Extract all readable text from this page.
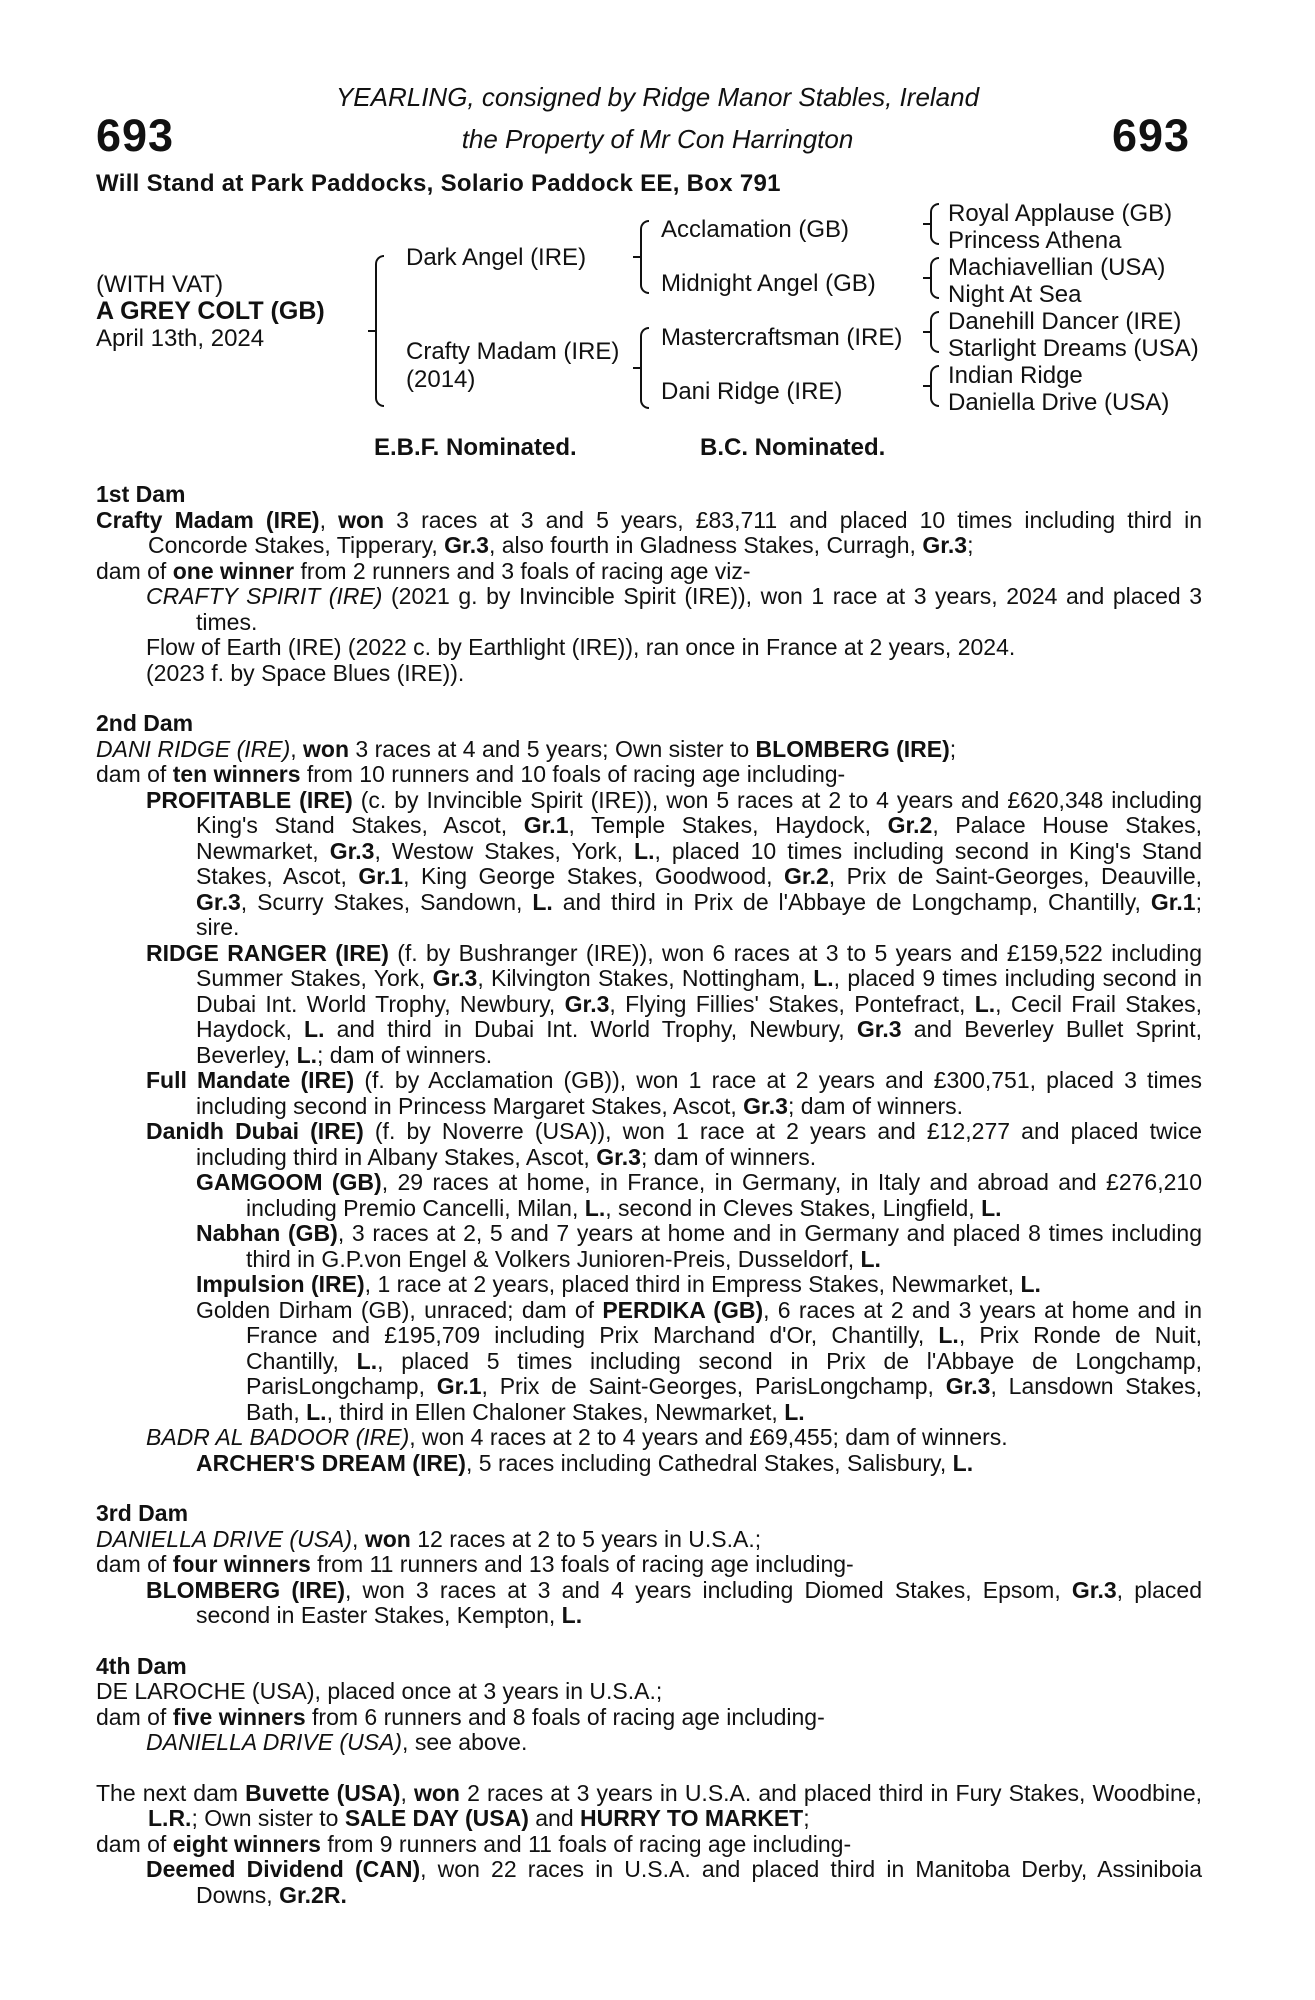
693	693
YEARLING, consigned by Ridge Manor Stables, Ireland
the Property of Mr Con Harrington
Will Stand at Park Paddocks, Solario Paddock EE, Box 791
(WITH VAT)
A GREY COLT (GB)
April 13th, 2024
Dark Angel (IRE)
Crafty Madam (IRE)
(2014)
Acclamation (GB)
Midnight Angel (GB)
Mastercraftsman (IRE)
Dani Ridge (IRE)
Royal Applause (GB)
Princess Athena
Machiavellian (USA)
Night At Sea
Danehill Dancer (IRE)
Starlight Dreams (USA)
Indian Ridge
Daniella Drive (USA)
E.B.F. Nominated.	B.C. Nominated.
1st Dam

Crafty Madam (IRE), won 3 races at 3 and 5 years, £83,711 and placed 10 times including third in Concorde Stakes, Tipperary, Gr.3, also fourth in Gladness Stakes, Curragh, Gr.3;

dam of one winner from 2 runners and 3 foals of racing age viz-

CRAFTY SPIRIT (IRE) (2021 g. by Invincible Spirit (IRE)), won 1 race at 3 years, 2024 and placed 3 times.

Flow of Earth (IRE) (2022 c. by Earthlight (IRE)), ran once in France at 2 years, 2024.

(2023 f. by Space Blues (IRE)).

2nd Dam

DANI RIDGE (IRE), won 3 races at 4 and 5 years; Own sister to BLOMBERG (IRE);

dam of ten winners from 10 runners and 10 foals of racing age including-

PROFITABLE (IRE) (c. by Invincible Spirit (IRE)), won 5 races at 2 to 4 years and £620,348 including King's Stand Stakes, Ascot, Gr.1, Temple Stakes, Haydock, Gr.2, Palace House Stakes, Newmarket, Gr.3, Westow Stakes, York, L., placed 10 times including second in King's Stand Stakes, Ascot, Gr.1, King George Stakes, Goodwood, Gr.2, Prix de Saint-Georges, Deauville, Gr.3, Scurry Stakes, Sandown, L. and third in Prix de l'Abbaye de Longchamp, Chantilly, Gr.1; sire.

RIDGE RANGER (IRE) (f. by Bushranger (IRE)), won 6 races at 3 to 5 years and £159,522 including Summer Stakes, York, Gr.3, Kilvington Stakes, Nottingham, L., placed 9 times including second in Dubai Int. World Trophy, Newbury, Gr.3, Flying Fillies' Stakes, Pontefract, L., Cecil Frail Stakes, Haydock, L. and third in Dubai Int. World Trophy, Newbury, Gr.3 and Beverley Bullet Sprint, Beverley, L.; dam of winners.

Full Mandate (IRE) (f. by Acclamation (GB)), won 1 race at 2 years and £300,751, placed 3 times including second in Princess Margaret Stakes, Ascot, Gr.3; dam of winners.

Danidh Dubai (IRE) (f. by Noverre (USA)), won 1 race at 2 years and £12,277 and placed twice including third in Albany Stakes, Ascot, Gr.3; dam of winners.

GAMGOOM (GB), 29 races at home, in France, in Germany, in Italy and abroad and £276,210 including Premio Cancelli, Milan, L., second in Cleves Stakes, Lingfield, L.

Nabhan (GB), 3 races at 2, 5 and 7 years at home and in Germany and placed 8 times including third in G.P.von Engel & Volkers Junioren-Preis, Dusseldorf, L.

Impulsion (IRE), 1 race at 2 years, placed third in Empress Stakes, Newmarket, L.

Golden Dirham (GB), unraced; dam of PERDIKA (GB), 6 races at 2 and 3 years at home and in France and £195,709 including Prix Marchand d'Or, Chantilly, L., Prix Ronde de Nuit, Chantilly, L., placed 5 times including second in Prix de l'Abbaye de Longchamp, ParisLongchamp, Gr.1, Prix de Saint-Georges, ParisLongchamp, Gr.3, Lansdown Stakes, Bath, L., third in Ellen Chaloner Stakes, Newmarket, L.

BADR AL BADOOR (IRE), won 4 races at 2 to 4 years and £69,455; dam of winners.

ARCHER'S DREAM (IRE), 5 races including Cathedral Stakes, Salisbury, L.

3rd Dam

DANIELLA DRIVE (USA), won 12 races at 2 to 5 years in U.S.A.;

dam of four winners from 11 runners and 13 foals of racing age including-

BLOMBERG (IRE), won 3 races at 3 and 4 years including Diomed Stakes, Epsom, Gr.3, placed second in Easter Stakes, Kempton, L.

4th Dam

DE LAROCHE (USA), placed once at 3 years in U.S.A.;

dam of five winners from 6 runners and 8 foals of racing age including-

DANIELLA DRIVE (USA), see above.

The next dam Buvette (USA), won 2 races at 3 years in U.S.A. and placed third in Fury Stakes, Woodbine, L.R.; Own sister to SALE DAY (USA) and HURRY TO MARKET;

dam of eight winners from 9 runners and 11 foals of racing age including-

Deemed Dividend (CAN), won 22 races in U.S.A. and placed third in Manitoba Derby, Assiniboia Downs, Gr.2R.
